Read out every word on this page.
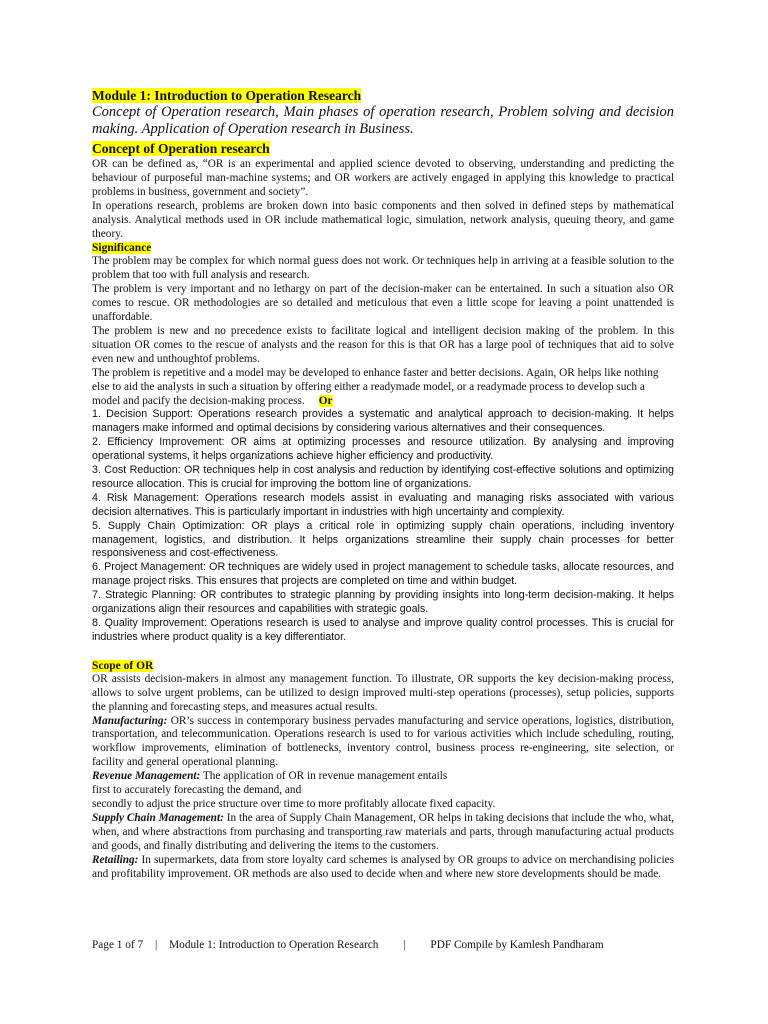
Module 1: Introduction to Operation Research

Concept of Operation research, Main phases of operation research, Problem solving and decision making. Application of Operation research in Business.

Concept of Operation research

OR can be defined as, “OR is an experimental and applied science devoted to observing, understanding and predicting the behaviour of purposeful man-machine systems; and OR workers are actively engaged in applying this knowledge to practical problems in business, government and society”.

In operations research, problems are broken down into basic components and then solved in defined steps by mathematical analysis. Analytical methods used in OR include mathematical logic, simulation, network analysis, queuing theory, and game theory.

Significance

The problem may be complex for which normal guess does not work. Or techniques help in arriving at a feasible solution to the problem that too with full analysis and research.

The problem is very important and no lethargy on part of the decision-maker can be entertained. In such a situation also OR comes to rescue. OR methodologies are so detailed and meticulous that even a little scope for leaving a point unattended is unaffordable.

The problem is new and no precedence exists to facilitate logical and intelligent decision making of the problem. In this situation OR comes to the rescue of analysts and the reason for this is that OR has a large pool of techniques that aid to solve even new and unthoughtof problems.

The problem is repetitive and a model may be developed to enhance faster and better decisions. Again, OR helps like nothing else to aid the analysts in such a situation by offering either a readymade model, or a readymade process to develop such a model and pacify the decision-making process. Or

1. Decision Support: Operations research provides a systematic and analytical approach to decision-making. It helps managers make informed and optimal decisions by considering various alternatives and their consequences.

2. Efficiency Improvement: OR aims at optimizing processes and resource utilization. By analysing and improving operational systems, it helps organizations achieve higher efficiency and productivity.

3. Cost Reduction: OR techniques help in cost analysis and reduction by identifying cost-effective solutions and optimizing resource allocation. This is crucial for improving the bottom line of organizations.

4. Risk Management: Operations research models assist in evaluating and managing risks associated with various decision alternatives. This is particularly important in industries with high uncertainty and complexity.

5. Supply Chain Optimization: OR plays a critical role in optimizing supply chain operations, including inventory management, logistics, and distribution. It helps organizations streamline their supply chain processes for better responsiveness and cost-effectiveness.

6. Project Management: OR techniques are widely used in project management to schedule tasks, allocate resources, and manage project risks. This ensures that projects are completed on time and within budget.

7. Strategic Planning: OR contributes to strategic planning by providing insights into long-term decision-making. It helps organizations align their resources and capabilities with strategic goals.

8. Quality Improvement: Operations research is used to analyse and improve quality control processes. This is crucial for industries where product quality is a key differentiator.

Scope of OR

OR assists decision-makers in almost any management function. To illustrate, OR supports the key decision-making process, allows to solve urgent problems, can be utilized to design improved multi-step operations (processes), setup policies, supports the planning and forecasting steps, and measures actual results.

Manufacturing: OR’s success in contemporary business pervades manufacturing and service operations, logistics, distribution, transportation, and telecommunication. Operations research is used to for various activities which include scheduling, routing, workflow improvements, elimination of bottlenecks, inventory control, business process re-engineering, site selection, or facility and general operational planning.

Revenue Management: The application of OR in revenue management entails

first to accurately forecasting the demand, and

secondly to adjust the price structure over time to more profitably allocate fixed capacity.

Supply Chain Management: In the area of Supply Chain Management, OR helps in taking decisions that include the who, what, when, and where abstractions from purchasing and transporting raw materials and parts, through manufacturing actual products and goods, and finally distributing and delivering the items to the customers.

Retailing: In supermarkets, data from store loyalty card schemes is analysed by OR groups to advice on merchandising policies and profitability improvement. OR methods are also used to decide when and where new store developments should be made.

Page 1 of 7 | Module 1: Introduction to Operation Research | PDF Compile by Kamlesh Pandharam
